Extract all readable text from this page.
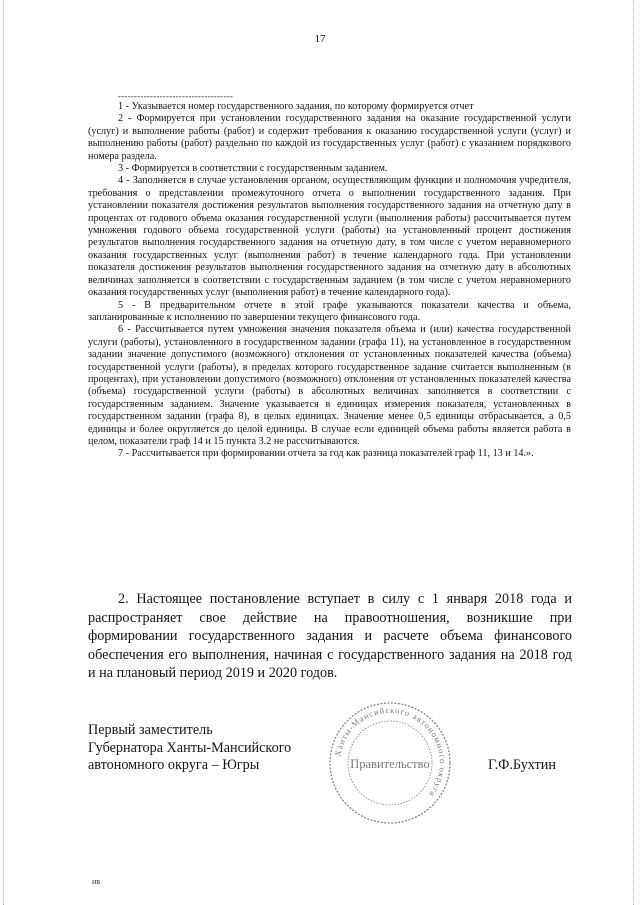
17
------------------------------------

1 - Указывается номер государственного задания, по которому формируется отчет

2 - Формируется при установлении государственного задания на оказание государственной услуги (услуг) и выполнение работы (работ) и содержит требования к оказанию государственной услуги (услуг) и выполнению работы (работ) раздельно по каждой из государственных услуг (работ) с указанием порядкового номера раздела.

3 - Формируется в соответствии с государственным заданием.

4 - Заполняется в случае установления органом, осуществляющим функции и полномочия учредителя, требования о представлении промежуточного отчета о выполнении государственного задания. При установлении показателя достижения результатов выполнения государственного задания на отчетную дату в процентах от годового объема оказания государственной услуги (выполнения работы) рассчитывается путем умножения годового объема государственной услуги (работы) на установленный процент достижения результатов выполнения государственного задания на отчетную дату, в том числе с учетом неравномерного оказания государственных услуг (выполнения работ) в течение календарного года. При установлении показателя достижения результатов выполнения государственного задания на отчетную дату в абсолютных величинах заполняется в соответствии с государственным заданием (в том числе с учетом неравномерного оказания государственных услуг (выполнения работ) в течение календарного года).

5 - В предварительном отчете в этой графе указываются показатели качества и объема, запланированные к исполнению по завершении текущего финансового года.

6 - Рассчитывается путем умножения значения показателя объема и (или) качества государственной услуги (работы), установленного в государственном задании (графа 11), на установленное в государственном задании значение допустимого (возможного) отклонения от установленных показателей качества (объема) государственной услуги (работы), в пределах которого государственное задание считается выполненным (в процентах), при установлении допустимого (возможного) отклонения от установленных показателей качества (объема) государственной услуги (работы) в абсолютных величинах заполняется в соответствии с государственным заданием. Значение указывается в единицах измерения показателя, установленных в государственном задании (графа 8), в целых единицах. Значение менее 0,5 единицы отбрасывается, а 0,5 единицы и более округляется до целой единицы. В случае если единицей объема работы является работа в целом, показатели граф 14 и 15 пункта 3.2 не рассчитываются.

7 - Рассчитывается при формировании отчета за год как разница показателей граф 11, 13 и 14.».

2. Настоящее постановление вступает в силу с 1 января 2018 года и распространяет свое действие на правоотношения, возникшие при формировании государственного задания и расчете объема финансового обеспечения его выполнения, начиная с государственного задания на 2018 год и на плановый период 2019 и 2020 годов.

Первый заместитель
Губернатора Ханты-Мансийского
автономного округа – Югры
Ханты-Мансийского автономного округа
Правительство	Г.Ф.Бухтин
ив
